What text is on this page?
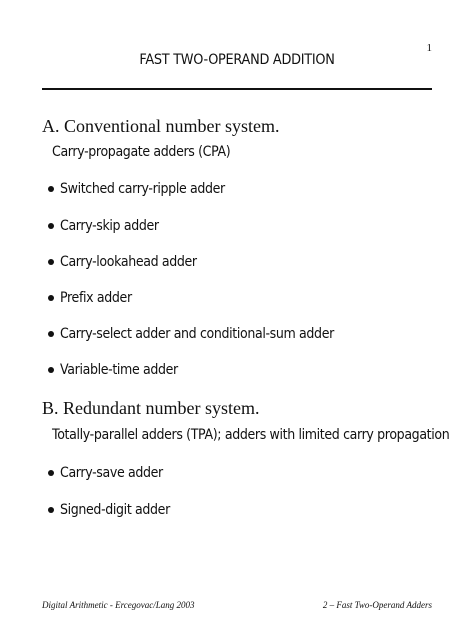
1
FAST TWO-OPERAND ADDITION
A. Conventional number system.
Carry-propagate adders (CPA)
Switched carry-ripple adder
Carry-skip adder
Carry-lookahead adder
Prefix adder
Carry-select adder and conditional-sum adder
Variable-time adder
B. Redundant number system.
Totally-parallel adders (TPA); adders with limited carry propagation
Carry-save adder
Signed-digit adder
Digital Arithmetic - Ercegovac/Lang 2003	2 – Fast Two-Operand Adders
